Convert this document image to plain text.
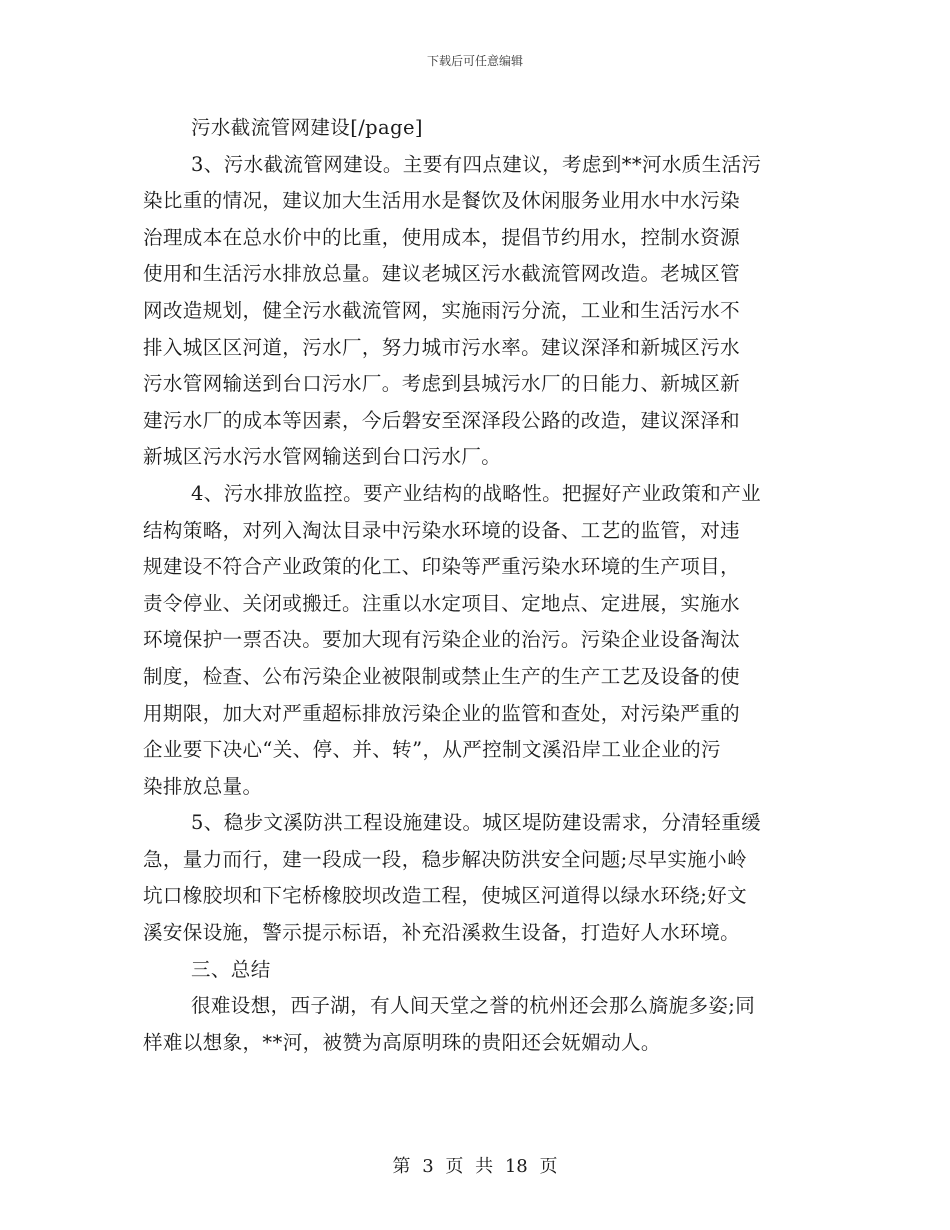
下载后可任意编辑
污水截流管网建设[/page]
3、污水截流管网建设。主要有四点建议，考虑到**河水质生活污
染比重的情况，建议加大生活用水是餐饮及休闲服务业用水中水污染
治理成本在总水价中的比重，使用成本，提倡节约用水，控制水资源
使用和生活污水排放总量。建议老城区污水截流管网改造。老城区管
网改造规划，健全污水截流管网，实施雨污分流，工业和生活污水不
排入城区区河道，污水厂，努力城市污水率。建议深泽和新城区污水
污水管网输送到台口污水厂。考虑到县城污水厂的日能力、新城区新
建污水厂的成本等因素，今后磐安至深泽段公路的改造，建议深泽和
新城区污水污水管网输送到台口污水厂。
4、污水排放监控。要产业结构的战略性。把握好产业政策和产业
结构策略，对列入淘汰目录中污染水环境的设备、工艺的监管，对违
规建设不符合产业政策的化工、印染等严重污染水环境的生产项目，
责令停业、关闭或搬迁。注重以水定项目、定地点、定进展，实施水
环境保护一票否决。要加大现有污染企业的治污。污染企业设备淘汰
制度，检查、公布污染企业被限制或禁止生产的生产工艺及设备的使
用期限，加大对严重超标排放污染企业的监管和查处，对污染严重的
企业要下决心“关、停、并、转”，从严控制文溪沿岸工业企业的污
染排放总量。
5、稳步文溪防洪工程设施建设。城区堤防建设需求，分清轻重缓
急，量力而行，建一段成一段，稳步解决防洪安全问题;尽早实施小岭
坑口橡胶坝和下宅桥橡胶坝改造工程，使城区河道得以绿水环绕;好文
溪安保设施，警示提示标语，补充沿溪救生设备，打造好人水环境。
三、总结
很难设想，西子湖，有人间天堂之誉的杭州还会那么旖旎多姿;同
样难以想象，**河，被赞为高原明珠的贵阳还会妩媚动人。
第 3 页 共 18 页
